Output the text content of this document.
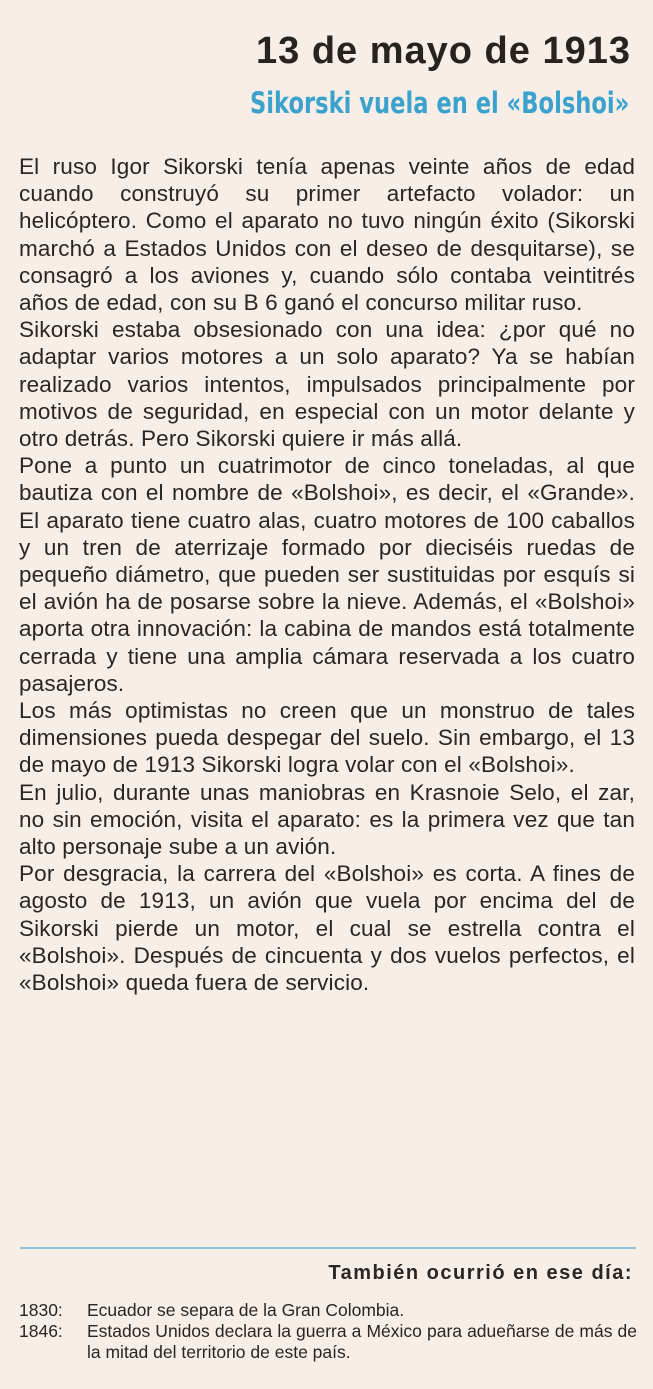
13 de mayo de 1913
Sikorski vuela en el «Bolshoi»

El ruso Igor Sikorski tenía apenas veinte años de edad cuando construyó su primer artefacto volador: un helicóptero. Como el aparato no tuvo ningún éxito (Sikorski marchó a Estados Unidos con el deseo de desquitarse), se consagró a los aviones y, cuando sólo contaba veintitrés años de edad, con su B 6 ganó el concurso militar ruso.

Sikorski estaba obsesionado con una idea: ¿por qué no adaptar varios motores a un solo aparato? Ya se habían realizado varios intentos, impulsados principalmente por motivos de seguridad, en especial con un motor delante y otro detrás. Pero Sikorski quiere ir más allá.

Pone a punto un cuatrimotor de cinco toneladas, al que bautiza con el nombre de «Bolshoi», es decir, el «Grande». El aparato tiene cuatro alas, cuatro motores de 100 caballos y un tren de aterrizaje formado por dieciséis ruedas de pequeño diámetro, que pueden ser sustituidas por esquís si el avión ha de posarse sobre la nieve. Además, el «Bolshoi» aporta otra innovación: la cabina de mandos está totalmente cerrada y tiene una amplia cámara reservada a los cuatro pasajeros.

Los más optimistas no creen que un monstruo de tales dimensiones pueda despegar del suelo. Sin embargo, el 13 de mayo de 1913 Sikorski logra volar con el «Bolshoi».

En julio, durante unas maniobras en Krasnoie Selo, el zar, no sin emoción, visita el aparato: es la primera vez que tan alto personaje sube a un avión.

Por desgracia, la carrera del «Bolshoi» es corta. A fines de agosto de 1913, un avión que vuela por encima del de Sikorski pierde un motor, el cual se estrella contra el «Bolshoi». Después de cincuenta y dos vuelos perfectos, el «Bolshoi» queda fuera de servicio.

También ocurrió en ese día:
1830:	Ecuador se separa de la Gran Colombia.
1846:	Estados Unidos declara la guerra a México para adueñarse de más de la mitad del territorio de este país.
